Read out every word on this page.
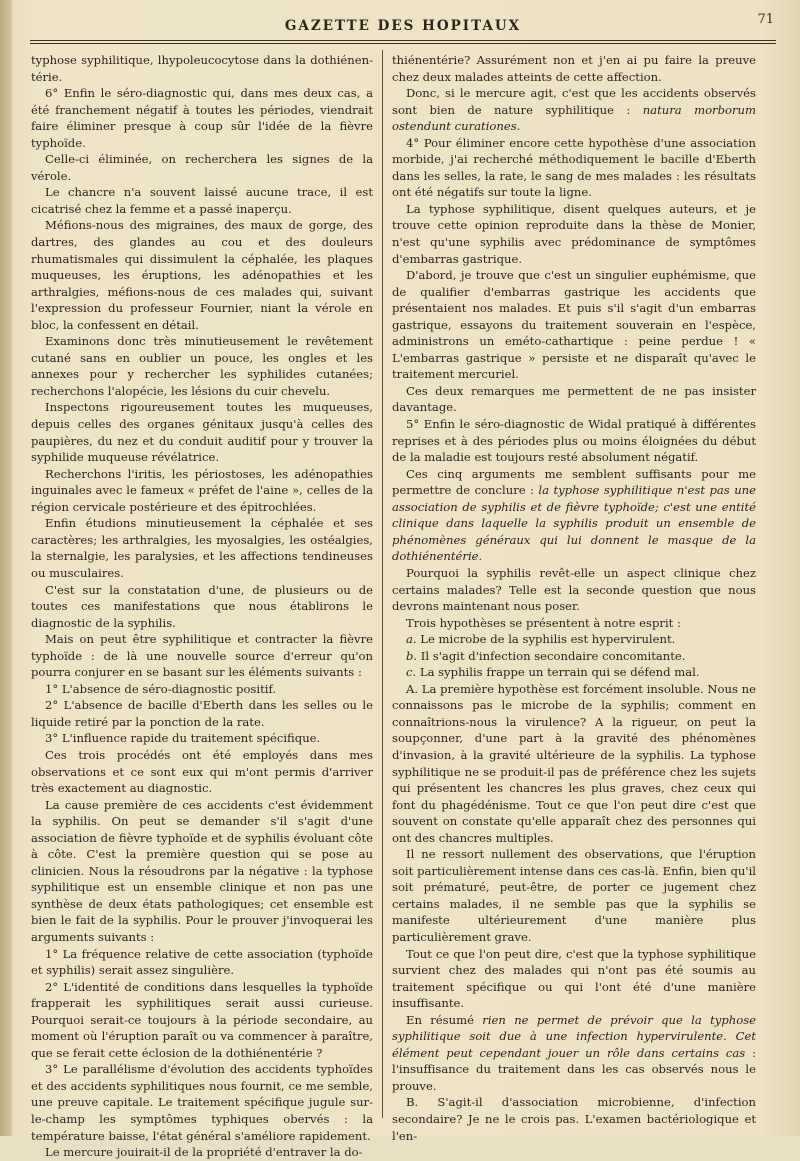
GAZETTE DES HOPITAUX	71

typhose syphilitique, lhypoleucocytose dans la dothiénen-térie.

6° Enfin le séro-diagnostic qui, dans mes deux cas, a été franchement négatif à toutes les périodes, viendrait faire éliminer presque à coup sûr l'idée de la fièvre typhoïde.

Celle-ci éliminée, on recherchera les signes de la vérole.

Le chancre n'a souvent laissé aucune trace, il est cicatrisé chez la femme et a passé inaperçu.

Méfions-nous des migraines, des maux de gorge, des dartres, des glandes au cou et des douleurs rhumatismales qui dissimulent la céphalée, les plaques muqueuses, les éruptions, les adénopathies et les arthralgies, méfions-nous de ces malades qui, suivant l'expression du professeur Fournier, niant la vérole en bloc, la confessent en détail.

Examinons donc très minutieusement le revêtement cutané sans en oublier un pouce, les ongles et les annexes pour y rechercher les syphilides cutanées; recherchons l'alopécie, les lésions du cuir chevelu.

Inspectons rigoureusement toutes les muqueuses, depuis celles des organes génitaux jusqu'à celles des paupières, du nez et du conduit auditif pour y trouver la syphilide muqueuse révélatrice.

Recherchons l'iritis, les périostoses, les adénopathies inguinales avec le fameux « préfet de l'aine », celles de la région cervicale postérieure et des épitrochlées.

Enfin étudions minutieusement la céphalée et ses caractères; les arthralgies, les myosalgies, les ostéalgies, la sternalgie, les paralysies, et les affections tendineuses ou musculaires.

C'est sur la constatation d'une, de plusieurs ou de toutes ces manifestations que nous établirons le diagnostic de la syphilis.

Mais on peut être syphilitique et contracter la fièvre typhoïde : de là une nouvelle source d'erreur qu'on pourra conjurer en se basant sur les éléments suivants :

1° L'absence de séro-diagnostic positif.

2° L'absence de bacille d'Eberth dans les selles ou le liquide retiré par la ponction de la rate.

3° L'influence rapide du traitement spécifique.

Ces trois procédés ont été employés dans mes observations et ce sont eux qui m'ont permis d'arriver très exactement au diagnostic.

La cause première de ces accidents c'est évidemment la syphilis. On peut se demander s'il s'agit d'une association de fièvre typhoïde et de syphilis évoluant côte à côte. C'est la première question qui se pose au clinicien. Nous la résoudrons par la négative : la typhose syphilitique est un ensemble clinique et non pas une synthèse de deux états pathologiques; cet ensemble est bien le fait de la syphilis. Pour le prouver j'invoquerai les arguments suivants :

1° La fréquence relative de cette association (typhoïde et syphilis) serait assez singulière.

2° L'identité de conditions dans lesquelles la typhoïde frapperait les syphilitiques serait aussi curieuse. Pourquoi serait-ce toujours à la période secondaire, au moment où l'éruption paraît ou va commencer à paraître, que se ferait cette éclosion de la dothiénentérie ?

3° Le parallélisme d'évolution des accidents typhoïdes et des accidents syphilitiques nous fournit, ce me semble, une preuve capitale. Le traitement spécifique jugule sur-le-champ les symptômes typhiques obervés : la température baisse, l'état général s'améliore rapidement.

Le mercure jouirait-il de la propriété d'entraver la do-

thiénentérie? Assurément non et j'en ai pu faire la preuve chez deux malades atteints de cette affection.

Donc, si le mercure agit, c'est que les accidents observés sont bien de nature syphilitique : natura morborum ostendunt curationes.

4° Pour éliminer encore cette hypothèse d'une association morbide, j'ai recherché méthodiquement le bacille d'Eberth dans les selles, la rate, le sang de mes malades : les résultats ont été négatifs sur toute la ligne.

La typhose syphilitique, disent quelques auteurs, et je trouve cette opinion reproduite dans la thèse de Monier, n'est qu'une syphilis avec prédominance de symptômes d'embarras gastrique.

D'abord, je trouve que c'est un singulier euphémisme, que de qualifier d'embarras gastrique les accidents que présentaient nos malades. Et puis s'il s'agit d'un embarras gastrique, essayons du traitement souverain en l'espèce, administrons un eméto-cathartique : peine perdue ! « L'embarras gastrique » persiste et ne disparaît qu'avec le traitement mercuriel.

Ces deux remarques me permettent de ne pas insister davantage.

5° Enfin le séro-diagnostic de Widal pratiqué à différentes reprises et à des périodes plus ou moins éloignées du début de la maladie est toujours resté absolument négatif.

Ces cinq arguments me semblent suffisants pour me permettre de conclure : la typhose syphilitique n'est pas une association de syphilis et de fièvre typhoïde; c'est une entité clinique dans laquelle la syphilis produit un ensemble de phénomènes généraux qui lui donnent le masque de la dothiénentérie.

Pourquoi la syphilis revêt-elle un aspect clinique chez certains malades? Telle est la seconde question que nous devrons maintenant nous poser.

Trois hypothèses se présentent à notre esprit :

a. Le microbe de la syphilis est hypervirulent.

b. Il s'agit d'infection secondaire concomitante.

c. La syphilis frappe un terrain qui se défend mal.

A. La première hypothèse est forcément insoluble. Nous ne connaissons pas le microbe de la syphilis; comment en connaîtrions-nous la virulence? A la rigueur, on peut la soupçonner, d'une part à la gravité des phénomènes d'invasion, à la gravité ultérieure de la syphilis. La typhose syphilitique ne se produit-il pas de préférence chez les sujets qui présentent les chancres les plus graves, chez ceux qui font du phagédénisme. Tout ce que l'on peut dire c'est que souvent on constate qu'elle apparaît chez des personnes qui ont des chancres multiples.

Il ne ressort nullement des observations, que l'éruption soit particulièrement intense dans ces cas-là. Enfin, bien qu'il soit prématuré, peut-être, de porter ce jugement chez certains malades, il ne semble pas que la syphilis se manifeste ultérieurement d'une manière plus particulièrement grave.

Tout ce que l'on peut dire, c'est que la typhose syphilitique survient chez des malades qui n'ont pas été soumis au traitement spécifique ou qui l'ont été d'une manière insuffisante.

En résumé rien ne permet de prévoir que la typhose syphilitique soit due à une infection hypervirulente. Cet élément peut cependant jouer un rôle dans certains cas : l'insuffisance du traitement dans les cas observés nous le prouve.

B. S'agit-il d'association microbienne, d'infection secondaire? Je ne le crois pas. L'examen bactériologique et l'en-
